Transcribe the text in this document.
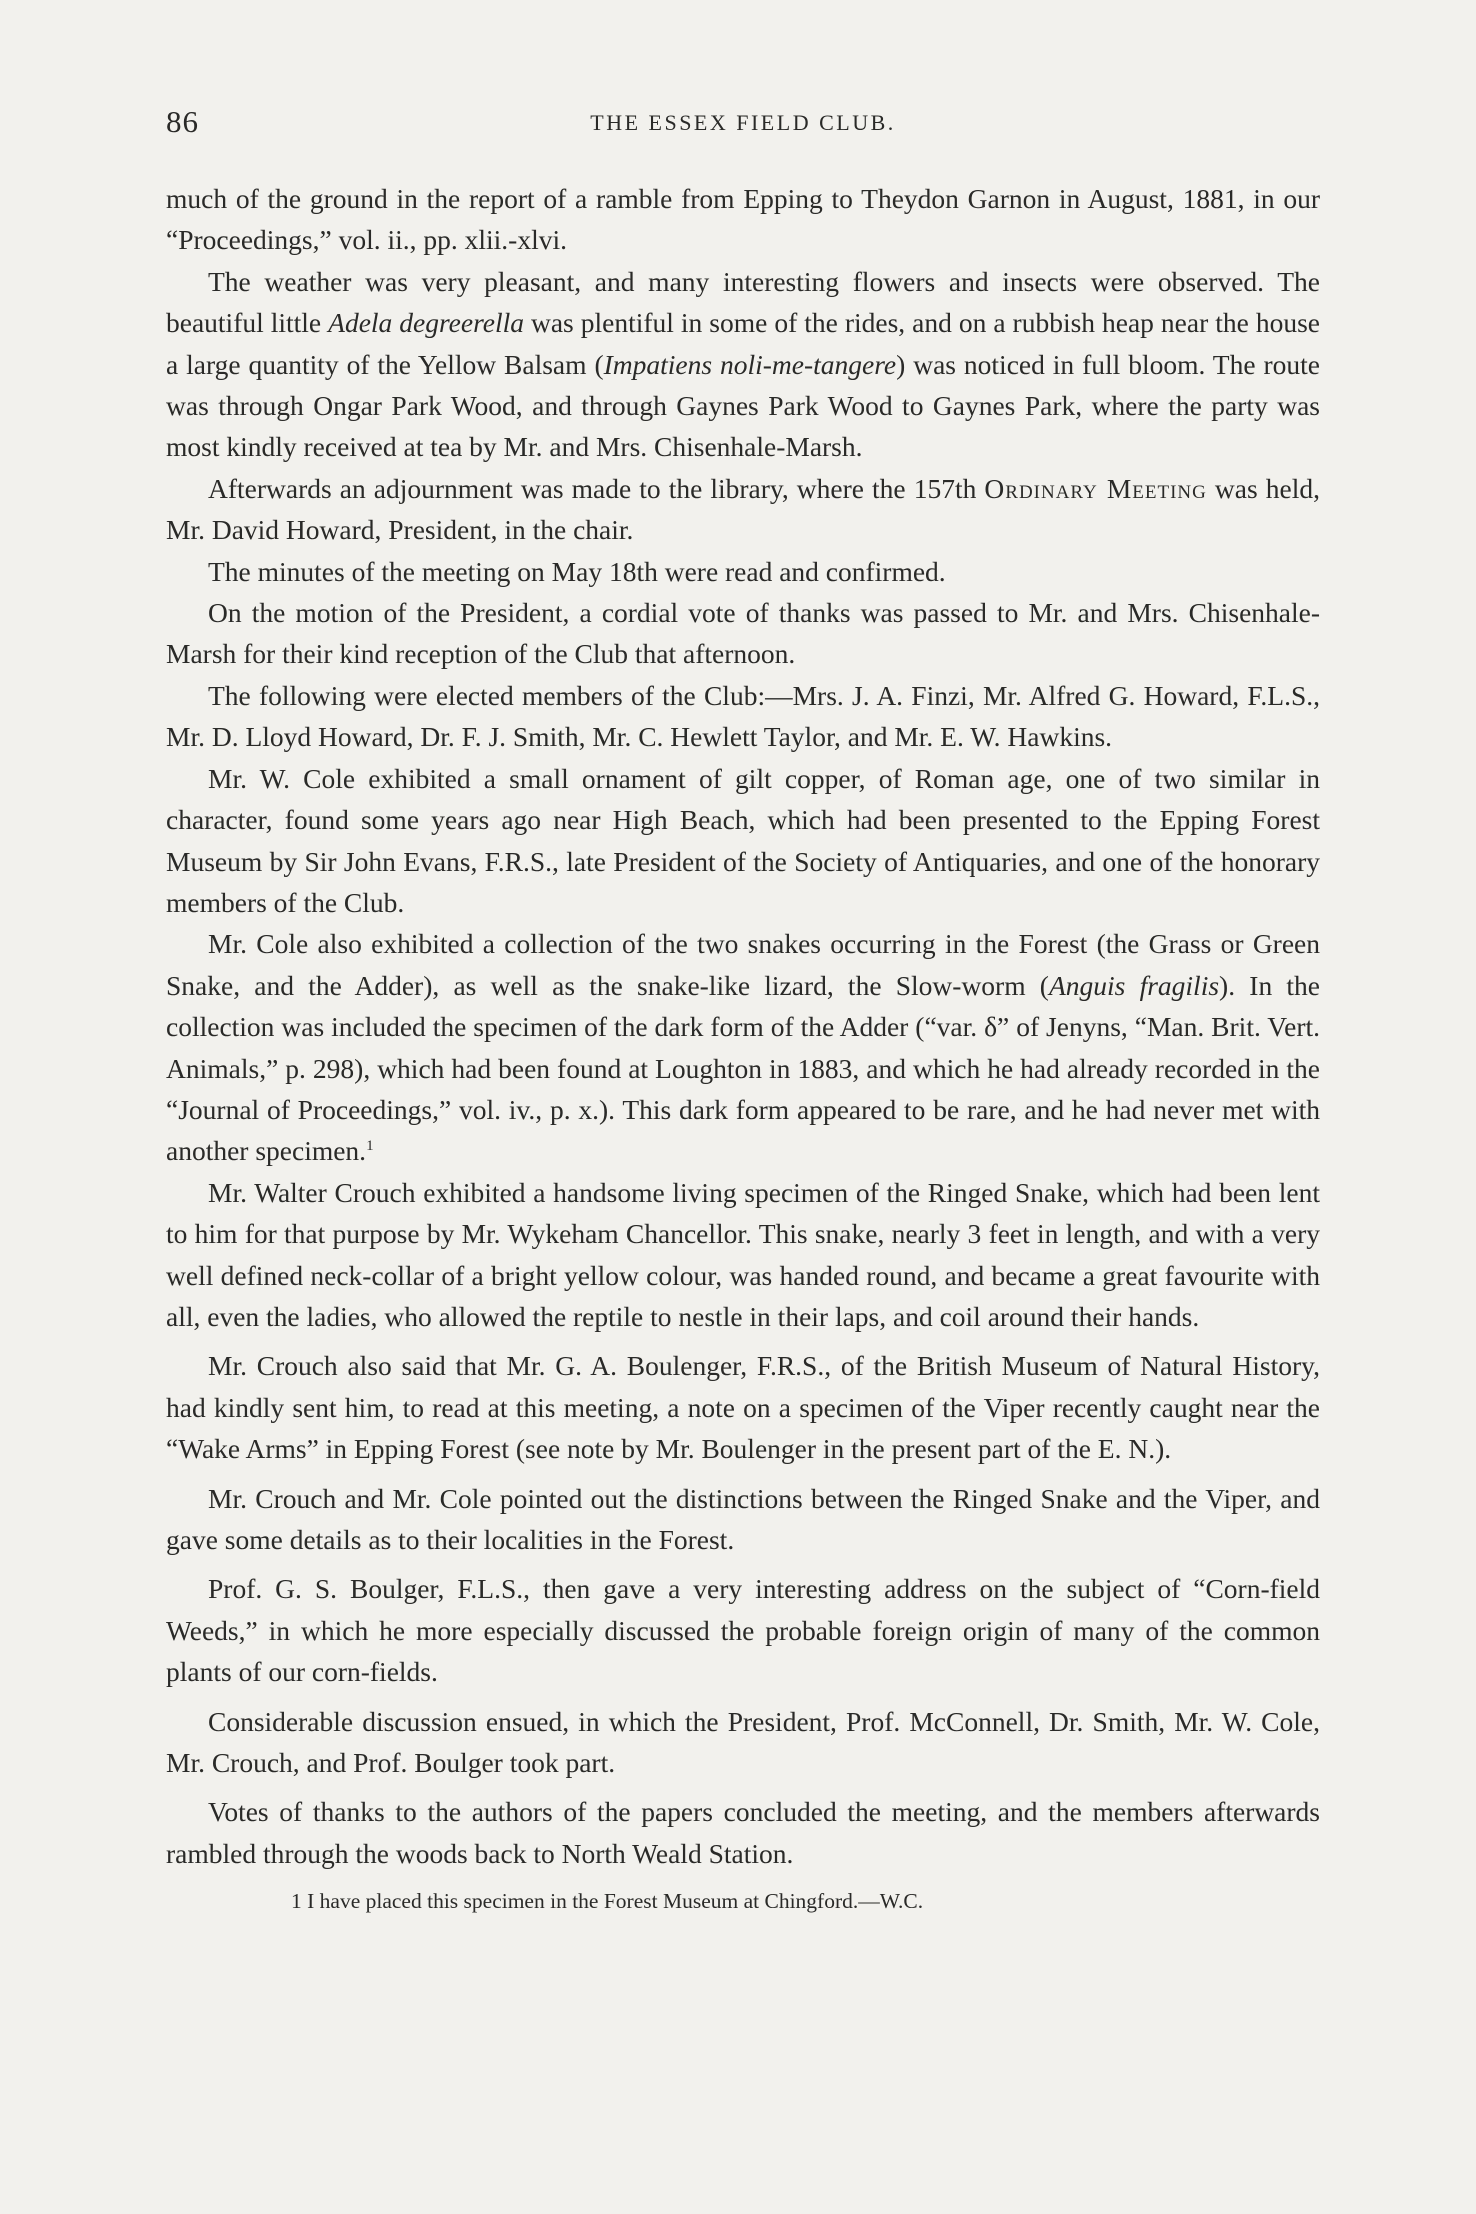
86	THE ESSEX FIELD CLUB.

much of the ground in the report of a ramble from Epping to Theydon Garnon in August, 1881, in our “Proceedings,” vol. ii., pp. xlii.-xlvi.

The weather was very pleasant, and many interesting flowers and insects were observed. The beautiful little Adela degreerella was plentiful in some of the rides, and on a rubbish heap near the house a large quantity of the Yellow Balsam (Impatiens noli-me-tangere) was noticed in full bloom. The route was through Ongar Park Wood, and through Gaynes Park Wood to Gaynes Park, where the party was most kindly received at tea by Mr. and Mrs. Chisenhale-Marsh.

Afterwards an adjournment was made to the library, where the 157th Ordinary Meeting was held, Mr. David Howard, President, in the chair.

The minutes of the meeting on May 18th were read and confirmed.

On the motion of the President, a cordial vote of thanks was passed to Mr. and Mrs. Chisenhale-Marsh for their kind reception of the Club that afternoon.

The following were elected members of the Club:—Mrs. J. A. Finzi, Mr. Alfred G. Howard, F.L.S., Mr. D. Lloyd Howard, Dr. F. J. Smith, Mr. C. Hewlett Taylor, and Mr. E. W. Hawkins.

Mr. W. Cole exhibited a small ornament of gilt copper, of Roman age, one of two similar in character, found some years ago near High Beach, which had been presented to the Epping Forest Museum by Sir John Evans, F.R.S., late President of the Society of Antiquaries, and one of the honorary members of the Club.

Mr. Cole also exhibited a collection of the two snakes occurring in the Forest (the Grass or Green Snake, and the Adder), as well as the snake-like lizard, the Slow-worm (Anguis fragilis). In the collection was included the specimen of the dark form of the Adder (“var. δ” of Jenyns, “Man. Brit. Vert. Animals,” p. 298), which had been found at Loughton in 1883, and which he had already recorded in the “Journal of Proceedings,” vol. iv., p. x.). This dark form appeared to be rare, and he had never met with another specimen.$^1$

Mr. Walter Crouch exhibited a handsome living specimen of the Ringed Snake, which had been lent to him for that purpose by Mr. Wykeham Chancellor. This snake, nearly 3 feet in length, and with a very well defined neck-collar of a bright yellow colour, was handed round, and became a great favourite with all, even the ladies, who allowed the reptile to nestle in their laps, and coil around their hands.

Mr. Crouch also said that Mr. G. A. Boulenger, F.R.S., of the British Museum of Natural History, had kindly sent him, to read at this meeting, a note on a specimen of the Viper recently caught near the “Wake Arms” in Epping Forest (see note by Mr. Boulenger in the present part of the E. N.).

Mr. Crouch and Mr. Cole pointed out the distinctions between the Ringed Snake and the Viper, and gave some details as to their localities in the Forest.

Prof. G. S. Boulger, F.L.S., then gave a very interesting address on the subject of “Corn-field Weeds,” in which he more especially discussed the probable foreign origin of many of the common plants of our corn-fields.

Considerable discussion ensued, in which the President, Prof. McConnell, Dr. Smith, Mr. W. Cole, Mr. Crouch, and Prof. Boulger took part.

Votes of thanks to the authors of the papers concluded the meeting, and the members afterwards rambled through the woods back to North Weald Station.

1 I have placed this specimen in the Forest Museum at Chingford.—W.C.
